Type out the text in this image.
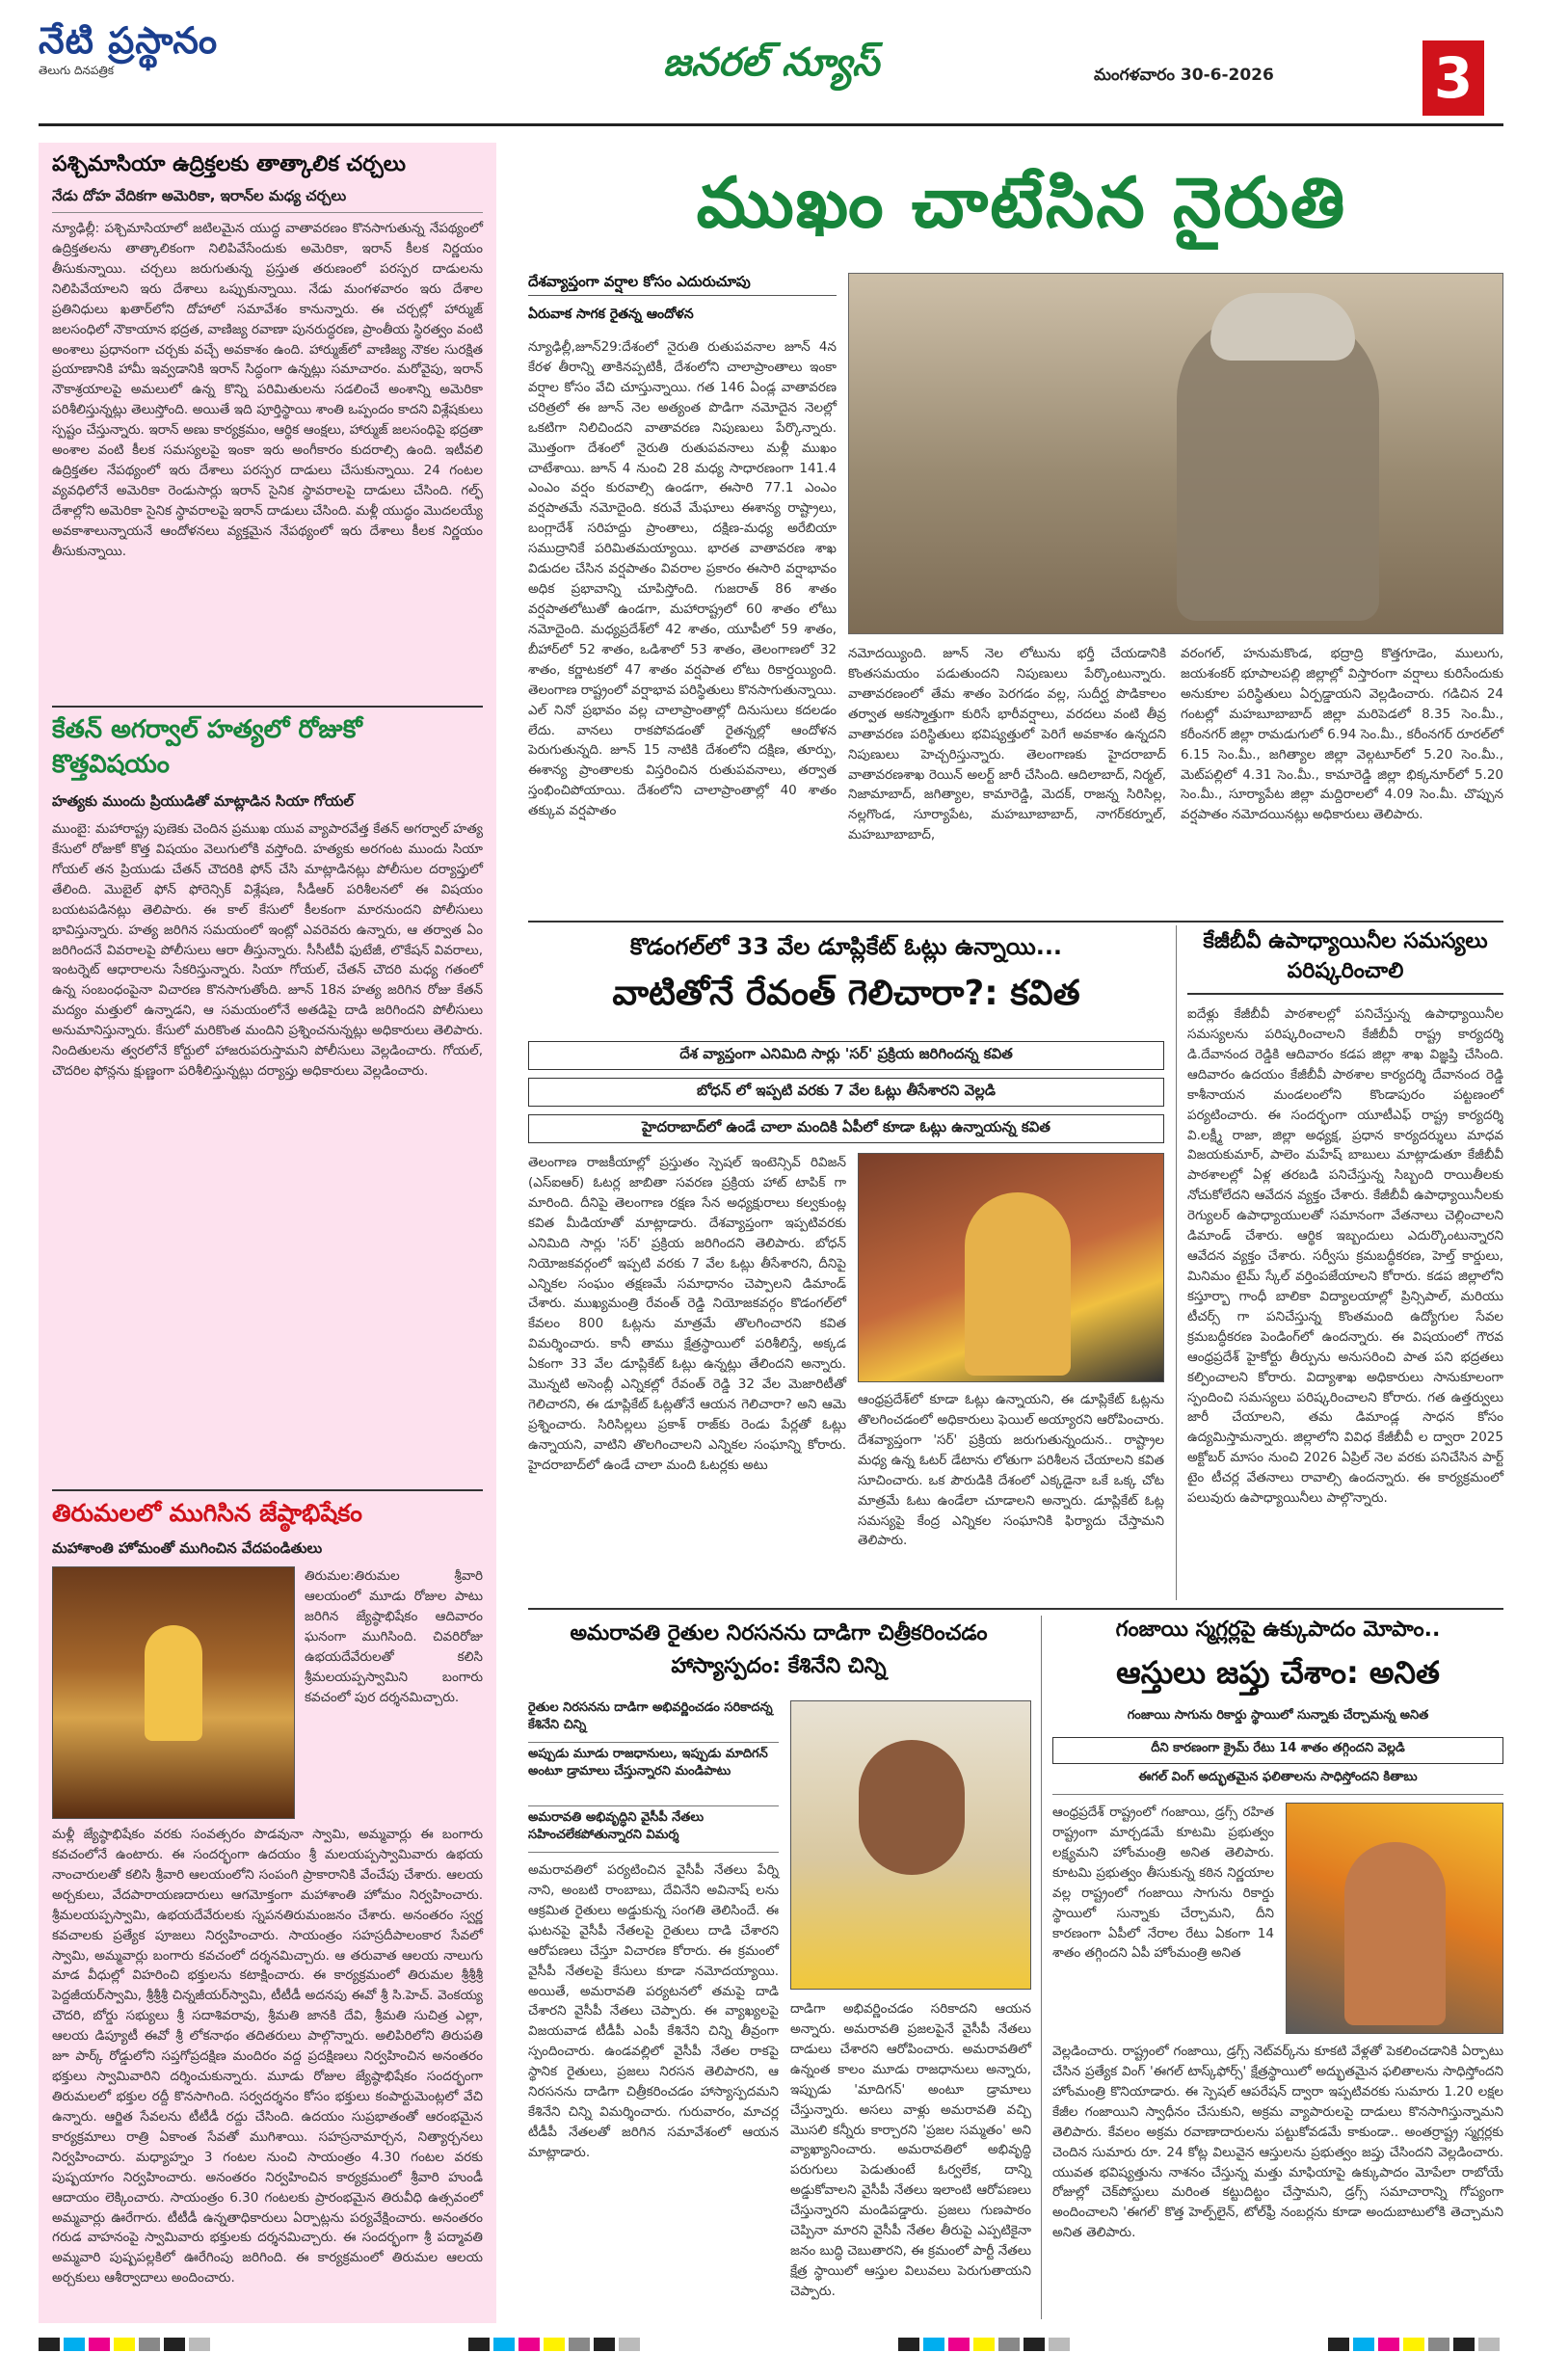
నేటి ప్రస్థానం
తెలుగు దినపత్రిక	జనరల్ న్యూస్	మంగళవారం 30-6-2026	3
పశ్చిమాసియా ఉద్రిక్తలకు తాత్కాలిక చర్చలు
నేడు దోహ వేదికగా అమెరికా, ఇరాన్‌ల మధ్య చర్చలు
న్యూఢిల్లీ: పశ్చిమాసియాలో జటిలమైన యుద్ధ వాతావరణం కొనసాగుతున్న నేపథ్యంలో ఉద్రిక్తతలను తాత్కాలికంగా నిలిపివేసేందుకు అమెరికా, ఇరాన్‌ కీలక నిర్ణయం తీసుకున్నాయి. చర్చలు జరుగుతున్న ప్రస్తుత తరుణంలో పరస్పర దాడులను నిలిపివేయాలని ఇరు దేశాలు ఒప్పుకున్నాయి. నేడు మంగళవారం ఇరు దేశాల ప్రతినిధులు ఖతార్‌లోని దోహాలో సమావేశం కానున్నారు. ఈ చర్చల్లో హార్ముజ్ జలసంధిలో నౌకాయాన భద్రత, వాణిజ్య రవాణా పునరుద్ధరణ, ప్రాంతీయ స్థిరత్వం వంటి అంశాలు ప్రధానంగా చర్చకు వచ్చే అవకాశం ఉంది. హార్ముజ్‌లో వాణిజ్య నౌకల సురక్షిత ప్రయాణానికి హామీ ఇవ్వడానికి ఇరాన్ సిద్ధంగా ఉన్నట్లు సమాచారం. మరోవైపు, ఇరాన్ నౌకాశ్రయాలపై అమలులో ఉన్న కొన్ని పరిమితులను సడలించే అంశాన్ని అమెరికా పరిశీలిస్తున్నట్లు తెలుస్తోంది. అయితే ఇది పూర్తిస్థాయి శాంతి ఒప్పందం కాదని విశ్లేషకులు స్పష్టం చేస్తున్నారు. ఇరాన్ అణు కార్యక్రమం, ఆర్థిక ఆంక్షలు, హార్ముజ్ జలసంధిపై భద్రతా అంశాల వంటి కీలక సమస్యలపై ఇంకా ఇరు అంగీకారం కుదరాల్సి ఉంది. ఇటీవలి ఉద్రిక్తతల నేపథ్యంలో ఇరు దేశాలు పరస్పర దాడులు చేసుకున్నాయి. 24 గంటల వ్యవధిలోనే అమెరికా రెండుసార్లు ఇరాన్ సైనిక స్థావరాలపై దాడులు చేసింది. గల్ఫ్ దేశాల్లోని అమెరికా సైనిక స్థావరాలపై ఇరాన్ దాడులు చేసింది. మళ్లీ యుద్ధం మొదలయ్యే అవకాశాలున్నాయనే ఆందోళనలు వ్యక్తమైన నేపథ్యంలో ఇరు దేశాలు కీలక నిర్ణయం తీసుకున్నాయి.
కేతన్ అగర్వాల్ హత్యలో రోజుకో కొత్తవిషయం
హత్యకు ముందు ప్రియుడితో మాట్లాడిన సియా గోయల్
ముంబై: మహారాష్ట్ర పుణెకు చెందిన ప్రముఖ యువ వ్యాపారవేత్త కేతన్ అగర్వాల్ హత్య కేసులో రోజుకో కొత్త విషయం వెలుగులోకి వస్తోంది. హత్యకు అరగంట ముందు సియా గోయల్ తన ప్రియుడు చేతన్ చౌదరికి ఫోన్ చేసి మాట్లాడినట్లు పోలీసుల దర్యాప్తులో తేలింది. మొబైల్ ఫోన్ ఫోరెన్సిక్ విశ్లేషణ, సీడీఆర్ పరిశీలనలో ఈ విషయం బయటపడినట్లు తెలిపారు. ఈ కాల్ కేసులో కీలకంగా మారనుందని పోలీసులు భావిస్తున్నారు. హత్య జరిగిన సమయంలో ఇంట్లో ఎవరెవరు ఉన్నారు, ఆ తర్వాత ఏం జరిగిందనే వివరాలపై పోలీసులు ఆరా తీస్తున్నారు. సీసీటీవీ ఫుటేజీ, లొకేషన్ వివరాలు, ఇంటర్నెట్ ఆధారాలను సేకరిస్తున్నారు. సియా గోయల్, చేతన్ చౌదరి మధ్య గతంలో ఉన్న సంబంధంపైనా విచారణ కొనసాగుతోంది. జూన్ 18న హత్య జరిగిన రోజు కేతన్ మద్యం మత్తులో ఉన్నాడని, ఆ సమయంలోనే అతడిపై దాడి జరిగిందని పోలీసులు అనుమానిస్తున్నారు. కేసులో మరికొంత మందిని ప్రశ్నించనున్నట్లు అధికారులు తెలిపారు. నిందితులను త్వరలోనే కోర్టులో హాజరుపరుస్తామని పోలీసులు వెల్లడించారు. గోయల్, చౌదరిల ఫోన్లను క్షుణ్ణంగా పరిశీలిస్తున్నట్లు దర్యాప్తు అధికారులు వెల్లడించారు.
తిరుమలలో ముగిసిన జేష్ఠాభిషేకం
మహాశాంతి హోమంతో ముగించిన వేదపండితులు
తిరుమల:తిరుమల శ్రీవారి ఆలయంలో మూడు రోజుల పాటు జరిగిన జ్యేష్ఠాభిషేకం ఆదివారం ఘనంగా ముగిసింది. చివరిరోజు ఉభయదేవేరులతో కలిసి శ్రీమలయప్పస్వామిని బంగారు కవచంలో పుర దర్శనమిచ్చారు.
మళ్లీ జ్యేష్ఠాభిషేకం వరకు సంవత్సరం పొడవునా స్వామి, అమ్మవార్లు ఈ బంగారు కవచంలోనే ఉంటారు. ఈ సందర్భంగా ఉదయం శ్రీ మలయప్పస్వామివారు ఉభయ నాంచారులతో కలిసి శ్రీవారి ఆలయంలోని సంపంగి ప్రాకారానికి వేంచేపు చేశారు. ఆలయ అర్చకులు, వేదపారాయణదారులు ఆగమోక్తంగా మహాశాంతి హోమం నిర్వహించారు. శ్రీమలయప్పస్వామి, ఉభయదేవేరులకు స్నపనతిరుమంజనం చేశారు. అనంతరం స్వర్ణ కవచాలకు ప్రత్యేక పూజలు నిర్వహించారు. సాయంత్రం సహస్రదీపాలంకార సేవలో స్వామి, అమ్మవార్లు బంగారు కవచంలో దర్శనమిచ్చారు. ఆ తరువాత ఆలయ నాలుగు మాడ వీధుల్లో విహరించి భక్తులను కటాక్షించారు. ఈ కార్యక్రమంలో తిరుమల శ్రీశ్రీశ్రీ పెద్దజీయర్‌స్వామి, శ్రీశ్రీశ్రీ చిన్నజీయర్‌స్వామి, టీటీడీ అదనపు ఈవో శ్రీ సి.హెచ్. వెంకయ్య చౌదరి, బోర్డు సభ్యులు శ్రీ సదాశివరావు, శ్రీమతి జానకి దేవి, శ్రీమతి సుచిత్ర ఎల్లా, ఆలయ డిప్యూటీ ఈవో శ్రీ లోకనాథం తదితరులు పాల్గొన్నారు. అలిపిరిలోని తిరుపతి జూ పార్క్ రోడ్డులోని సప్తగోప్రదక్షిణ మందిరం వద్ద ప్రదక్షిణలు నిర్వహించిన అనంతరం భక్తులు స్వామివారిని దర్శించుకున్నారు. మూడు రోజుల జ్యేష్ఠాభిషేకం సందర్భంగా తిరుమలలో భక్తుల రద్దీ కొనసాగింది. సర్వదర్శనం కోసం భక్తులు కంపార్టుమెంట్లలో వేచి ఉన్నారు. ఆర్జిత సేవలను టీటీడీ రద్దు చేసింది. ఉదయం సుప్రభాతంతో ఆరంభమైన కార్యక్రమాలు రాత్రి ఏకాంత సేవతో ముగిశాయి. సహస్రనామార్చన, నిత్యార్చనలు నిర్వహించారు. మధ్యాహ్నం 3 గంటల నుంచి సాయంత్రం 4.30 గంటల వరకు పుష్పయాగం నిర్వహించారు. అనంతరం నిర్వహించిన కార్యక్రమంలో శ్రీవారి హుండీ ఆదాయం లెక్కించారు. సాయంత్రం 6.30 గంటలకు ప్రారంభమైన తిరువీధి ఉత్సవంలో అమ్మవార్లు ఊరేగారు. టీటీడీ ఉన్నతాధికారులు ఏర్పాట్లను పర్యవేక్షించారు. అనంతరం గరుడ వాహనంపై స్వామివారు భక్తులకు దర్శనమిచ్చారు. ఈ సందర్భంగా శ్రీ పద్మావతి అమ్మవారి పుష్పపల్లకిలో ఊరేగింపు జరిగింది. ఈ కార్యక్రమంలో తిరుమల ఆలయ అర్చకులు ఆశీర్వాదాలు అందించారు.
ముఖం చాటేసిన నైరుతి
దేశవ్యాప్తంగా వర్షాల కోసం ఎదురుచూపు
ఏరువాక సాగక రైతన్న ఆందోళన
న్యూఢిల్లీ,జూన్29:దేశంలో నైరుతి రుతుపవనాల జూన్ 4న కేరళ తీరాన్ని తాకినప్పటికీ, దేశంలోని చాలాప్రాంతాలు ఇంకా వర్షాల కోసం వేచి చూస్తున్నాయి. గత 146 ఏండ్ల వాతావరణ చరిత్రలో ఈ జూన్ నెల అత్యంత పొడిగా నమోదైన నెలల్లో ఒకటిగా నిలిచిందని వాతావరణ నిపుణులు పేర్కొన్నారు. మొత్తంగా దేశంలో నైరుతి రుతుపవనాలు మళ్లీ ముఖం చాటేశాయి. జూన్ 4 నుంచి 28 మధ్య సాధారణంగా 141.4 ఎంఎం వర్షం కురవాల్సి ఉండగా, ఈసారి 77.1 ఎంఎం వర్షపాతమే నమోదైంది. కరువే మేఘాలు ఈశాన్య రాష్ట్రాలు, బంగ్లాదేశ్ సరిహద్దు ప్రాంతాలు, దక్షిణ-మధ్య అరేబియా సముద్రానికే పరిమితమయ్యాయి. భారత వాతావరణ శాఖ విడుదల చేసిన వర్షపాతం వివరాల ప్రకారం ఈసారి వర్షాభావం అధిక ప్రభావాన్ని చూపిస్తోంది. గుజరాత్ 86 శాతం వర్షపాతలోటుతో ఉండగా, మహారాష్ట్రలో 60 శాతం లోటు నమోదైంది. మధ్యప్రదేశ్‌లో 42 శాతం, యూపీలో 59 శాతం, బీహార్‌లో 52 శాతం, ఒడిశాలో 53 శాతం, తెలంగాణలో 32 శాతం, కర్ణాటకలో 47 శాతం వర్షపాత లోటు రికార్డయ్యింది. తెలంగాణ రాష్ట్రంలో వర్షాభావ పరిస్థితులు కొనసాగుతున్నాయి. ఎల్ నినో ప్రభావం వల్ల చాలాప్రాంతాల్లో దినుసులు కదలడం లేదు. వానలు రాకపోవడంతో రైతన్నల్లో ఆందోళన పెరుగుతున్నది. జూన్ 15 నాటికి దేశంలోని దక్షిణ, తూర్పు, ఈశాన్య ప్రాంతాలకు విస్తరించిన రుతుపవనాలు, తర్వాత స్తంభించిపోయాయి. దేశంలోని చాలాప్రాంతాల్లో 40 శాతం తక్కువ వర్షపాతం
నమోదయ్యింది. జూన్ నెల లోటును భర్తీ చేయడానికి కొంతసమయం పడుతుందని నిపుణులు పేర్కొంటున్నారు. వాతావరణంలో తేమ శాతం పెరగడం వల్ల, సుదీర్ఘ పొడికాలం తర్వాత అకస్మాత్తుగా కురిసే భారీవర్షాలు, వరదలు వంటి తీవ్ర వాతావరణ పరిస్థితులు భవిష్యత్తులో పెరిగే అవకాశం ఉన్నదని నిపుణులు హెచ్చరిస్తున్నారు. తెలంగాణకు హైదరాబాద్ వాతావరణశాఖ రెయిన్ అలర్ట్ జారీ చేసింది. ఆదిలాబాద్, నిర్మల్, నిజామాబాద్, జగిత్యాల, కామారెడ్డి, మెదక్, రాజన్న సిరిసిల్ల, నల్లగొండ, సూర్యాపేట, మహబూబాబాద్, నాగర్‌కర్నూల్, మహబూబాబాద్,
వరంగల్, హనుమకొండ, భద్రాద్రి కొత్తగూడెం, ములుగు, జయశంకర్ భూపాలపల్లి జిల్లాల్లో విస్తారంగా వర్షాలు కురిసేందుకు అనుకూల పరిస్థితులు ఏర్పడ్డాయని వెల్లడించారు. గడిచిన 24 గంటల్లో మహబూబాబాద్ జిల్లా మరిపెడలో 8.35 సెం.మీ., కరీంనగర్ జిల్లా రామడుగులో 6.94 సెం.మీ., కరీంనగర్ రూరల్‌లో 6.15 సెం.మీ., జగిత్యాల జిల్లా వెల్గటూర్‌లో 5.20 సెం.మీ., మెట్‌పల్లిలో 4.31 సెం.మీ., కామారెడ్డి జిల్లా భిక్కనూర్‌లో 5.20 సెం.మీ., సూర్యాపేట జిల్లా మద్దిరాలలో 4.09 సెం.మీ. చొప్పున వర్షపాతం నమోదయినట్లు అధికారులు తెలిపారు.
కొడంగల్‌లో 33 వేల డూప్లికేట్ ఓట్లు ఉన్నాయి...
వాటితోనే రేవంత్ గెలిచారా?: కవిత
దేశ వ్యాప్తంగా ఎనిమిది సార్లు 'సర్' ప్రక్రియ జరిగిందన్న కవిత
బోధన్ లో ఇప్పటి వరకు 7 వేల ఓట్లు తీసేశారని వెల్లడి
హైదరాబాద్‌లో ఉండే చాలా మందికి ఏపీలో కూడా ఓట్లు ఉన్నాయన్న కవిత
తెలంగాణ రాజకీయాల్లో ప్రస్తుతం స్పెషల్ ఇంటెన్సివ్ రివిజన్ (ఎస్ఐఆర్) ఓటర్ల జాబితా సవరణ ప్రక్రియ హాట్ టాపిక్ గా మారింది. దీనిపై తెలంగాణ రక్షణ సేన అధ్యక్షురాలు కల్వకుంట్ల కవిత మీడియాతో మాట్లాడారు. దేశవ్యాప్తంగా ఇప్పటివరకు ఎనిమిది సార్లు 'సర్' ప్రక్రియ జరిగిందని తెలిపారు. బోధన్ నియోజకవర్గంలో ఇప్పటి వరకు 7 వేల ఓట్లు తీసేశారని, దీనిపై ఎన్నికల సంఘం తక్షణమే సమాధానం చెప్పాలని డిమాండ్ చేశారు. ముఖ్యమంత్రి రేవంత్ రెడ్డి నియోజకవర్గం కొడంగల్‌లో కేవలం 800 ఓట్లను మాత్రమే తొలగించారని కవిత విమర్శించారు. కానీ తాము క్షేత్రస్థాయిలో పరిశీలిస్తే, అక్కడ ఏకంగా 33 వేల డూప్లికేట్ ఓట్లు ఉన్నట్లు తేలిందని అన్నారు. మొన్నటి అసెంబ్లీ ఎన్నికల్లో రేవంత్ రెడ్డి 32 వేల మెజారిటీతో గెలిచారని, ఈ డూప్లికేట్ ఓట్లతోనే ఆయన గెలిచారా? అని ఆమె ప్రశ్నించారు. సిరిసిల్లలు ప్రకాశ్ రాజ్‌కు రెండు పేర్లతో ఓట్లు ఉన్నాయని, వాటిని తొలగించాలని ఎన్నికల సంఘాన్ని కోరారు. హైదరాబాద్‌లో ఉండే చాలా మంది ఓటర్లకు అటు
ఆంధ్రప్రదేశ్‌లో కూడా ఓట్లు ఉన్నాయని, ఈ డూప్లికేట్ ఓట్లను తొలగించడంలో అధికారులు ఫెయిల్ అయ్యారని ఆరోపించారు. దేశవ్యాప్తంగా 'సర్' ప్రక్రియ జరుగుతున్నందున.. రాష్ట్రాల మధ్య ఉన్న ఓటర్ డేటాను లోతుగా పరిశీలన చేయాలని కవిత సూచించారు. ఒక పౌరుడికి దేశంలో ఎక్కడైనా ఒకే ఒక్క చోట మాత్రమే ఓటు ఉండేలా చూడాలని అన్నారు. డూప్లికేట్ ఓట్ల సమస్యపై కేంద్ర ఎన్నికల సంఘానికి ఫిర్యాదు చేస్తామని తెలిపారు.
కేజీబీవీ ఉపాధ్యాయినీల సమస్యలు పరిష్కరించాలి
ఐదేళ్లు కేజీబీవీ పాఠశాలల్లో పనిచేస్తున్న ఉపాధ్యాయినీల సమస్యలను పరిష్కరించాలని కేజీబీవీ రాష్ట్ర కార్యదర్శి డి.దేవానంద రెడ్డికి ఆదివారం కడప జిల్లా శాఖ విజ్ఞప్తి చేసింది. ఆదివారం ఉదయం కేజీబీవీ పాఠశాల కార్యదర్శి దేవానంద రెడ్డి కాశీనాయన మండలంలోని కొండాపురం పట్టణంలో పర్యటించారు. ఈ సందర్భంగా యూటీఎఫ్ రాష్ట్ర కార్యదర్శి వి.లక్ష్మీ రాజా, జిల్లా అధ్యక్ష, ప్రధాన కార్యదర్శులు మాధవ విజయకుమార్, పాలెం మహేష్ బాబులు మాట్లాడుతూ కేజీబీవీ పాఠశాలల్లో ఏళ్ల తరబడి పనిచేస్తున్న సిబ్బంది రాయితీలకు నోచుకోలేదని ఆవేదన వ్యక్తం చేశారు. కేజీబీవీ ఉపాధ్యాయినీలకు రెగ్యులర్ ఉపాధ్యాయులతో సమానంగా వేతనాలు చెల్లించాలని డిమాండ్ చేశారు. ఆర్థిక ఇబ్బందులు ఎదుర్కొంటున్నారని ఆవేదన వ్యక్తం చేశారు. సర్వీసు క్రమబద్ధీకరణ, హెల్త్ కార్డులు, మినిమం టైమ్ స్కేల్ వర్తింపజేయాలని కోరారు. కడప జిల్లాలోని కస్తూర్బా గాంధీ బాలికా విద్యాలయాల్లో ప్రిన్సిపాల్, మరియు టీచర్స్ గా పనిచేస్తున్న కొంతమంది ఉద్యోగుల సేవల క్రమబద్ధీకరణ పెండింగ్‌లో ఉందన్నారు. ఈ విషయంలో గౌరవ ఆంధ్రప్రదేశ్ హైకోర్టు తీర్పును అనుసరించి పాత పని భద్రతలు కల్పించాలని కోరారు. విద్యాశాఖ అధికారులు సానుకూలంగా స్పందించి సమస్యలు పరిష్కరించాలని కోరారు. గత ఉత్తర్వులు జారీ చేయాలని, తమ డిమాండ్ల సాధన కోసం ఉద్యమిస్తామన్నారు. జిల్లాలోని వివిధ కేజీబీవీ ల ద్వారా 2025 అక్టోబర్ మాసం నుంచి 2026 ఏప్రిల్ నెల వరకు పనిచేసిన పార్ట్ టైం టీచర్ల వేతనాలు రావాల్సి ఉందన్నారు. ఈ కార్యక్రమంలో పలువురు ఉపాధ్యాయినీలు పాల్గొన్నారు.
అమరావతి రైతుల నిరసనను దాడిగా చిత్రీకరించడం హాస్యాస్పదం: కేశినేని చిన్ని
రైతుల నిరసనను దాడిగా అభివర్ణించడం సరికాదన్న కేశినేని చిన్ని
అప్పుడు మూడు రాజధానులు, ఇప్పుడు మాదిగన్ అంటూ డ్రామాలు చేస్తున్నారని మండిపాటు
అమరావతి అభివృద్ధిని వైసీపీ నేతలు సహించలేకపోతున్నారని విమర్శ
అమరావతిలో పర్యటించిన వైసీపీ నేతలు పేర్ని నాని, అంబటి రాంబాబు, దేవినేని అవినాష్ లను ఆక్రమిత రైతులు అడ్డుకున్న సంగతి తెలిసిందే. ఈ ఘటనపై వైసీపీ నేతలపై రైతులు దాడి చేశారని ఆరోపణలు చేస్తూ విచారణ కోరారు. ఈ క్రమంలో వైసీపీ నేతలపై కేసులు కూడా నమోదయ్యాయి. అయితే, అమరావతి పర్యటనలో తమపై దాడి చేశారని వైసీపీ నేతలు చెప్పారు. ఈ వ్యాఖ్యలపై విజయవాడ టీడీపీ ఎంపీ కేశినేని చిన్ని తీవ్రంగా స్పందించారు. ఉండవల్లిలో వైసీపీ నేతల రాకపై స్థానిక రైతులు, ప్రజలు నిరసన తెలిపారని, ఆ నిరసనను దాడిగా చిత్రీకరించడం హాస్యాస్పదమని కేశినేని చిన్ని విమర్శించారు. గురువారం, మాచర్ల టీడీపీ నేతలతో జరిగిన సమావేశంలో ఆయన మాట్లాడారు.
దాడిగా అభివర్ణించడం సరికాదని ఆయన అన్నారు. అమరావతి ప్రజలపైనే వైసీపీ నేతలు దాడులు చేశారని ఆరోపించారు. అమరావతిలో ఉన్నంత కాలం మూడు రాజధానులు అన్నారు, ఇప్పుడు 'మాదిగన్' అంటూ డ్రామాలు చేస్తున్నారు. అసలు వాళ్లు అమరావతి వచ్చి మొసలి కన్నీరు కార్చారని 'ప్రజల సమ్మతం' అని వ్యాఖ్యానించారు. అమరావతిలో అభివృద్ధి పరుగులు పెడుతుంటే ఓర్వలేక, దాన్ని అడ్డుకోవాలని వైసీపీ నేతలు ఇలాంటి ఆరోపణలు చేస్తున్నారని మండిపడ్డారు. ప్రజలు గుణపాఠం చెప్పినా మారని వైసీపీ నేతల తీరుపై ఎప్పటికైనా జనం బుద్ధి చెబుతారని, ఈ క్రమంలో పార్టీ నేతలు క్షేత్ర స్థాయిలో ఆస్తుల విలువలు పెరుగుతాయని చెప్పారు.
గంజాయి స్మగ్లర్లపై ఉక్కుపాదం మోపాం..
ఆస్తులు జప్తు చేశాం: అనిత
గంజాయి సాగును రికార్డు స్థాయిలో సున్నాకు చేర్చామన్న అనిత
దీని కారణంగా క్రైమ్ రేటు 14 శాతం తగ్గిందని వెల్లడి
ఈగల్ వింగ్ అద్భుతమైన ఫలితాలను సాధిస్తోందని కితాబు
ఆంధ్రప్రదేశ్ రాష్ట్రంలో గంజాయి, డ్రగ్స్ రహిత రాష్ట్రంగా మార్చడమే కూటమి ప్రభుత్వం లక్ష్యమని హోంమంత్రి అనిత తెలిపారు. కూటమి ప్రభుత్వం తీసుకున్న కఠిన నిర్ణయాల వల్ల రాష్ట్రంలో గంజాయి సాగును రికార్డు స్థాయిలో సున్నాకు చేర్చామని, దీని కారణంగా ఏపీలో నేరాల రేటు ఏకంగా 14 శాతం తగ్గిందని ఏపీ హోంమంత్రి అనిత
వెల్లడించారు. రాష్ట్రంలో గంజాయి, డ్రగ్స్ నెట్‌వర్క్‌ను కూకటి వేళ్లతో పెకలించడానికి ఏర్పాటు చేసిన ప్రత్యేక వింగ్ 'ఈగల్ టాస్క్‌ఫోర్స్' క్షేత్రస్థాయిలో అద్భుతమైన ఫలితాలను సాధిస్తోందని హోంమంత్రి కొనియాడారు. ఈ స్పెషల్ ఆపరేషన్ ద్వారా ఇప్పటివరకు సుమారు 1.20 లక్షల కేజీల గంజాయిని స్వాధీనం చేసుకుని, అక్రమ వ్యాపారులపై దాడులు కొనసాగిస్తున్నామని తెలిపారు. కేవలం అక్రమ రవాణాదారులను పట్టుకోవడమే కాకుండా.. అంతర్రాష్ట్ర స్మగ్లర్లకు చెందిన సుమారు రూ. 24 కోట్ల విలువైన ఆస్తులను ప్రభుత్వం జప్తు చేసిందని వెల్లడించారు. యువత భవిష్యత్తును నాశనం చేస్తున్న మత్తు మాఫియాపై ఉక్కుపాదం మోపేలా రాబోయే రోజుల్లో చెక్‌పోస్టులు మరింత కట్టుదిట్టం చేస్తామని, డ్రగ్స్ సమాచారాన్ని గోప్యంగా అందించాలని 'ఈగల్' కొత్త హెల్ప్‌లైన్, టోల్‌ఫ్రీ నంబర్లను కూడా అందుబాటులోకి తెచ్చామని అనిత తెలిపారు.
